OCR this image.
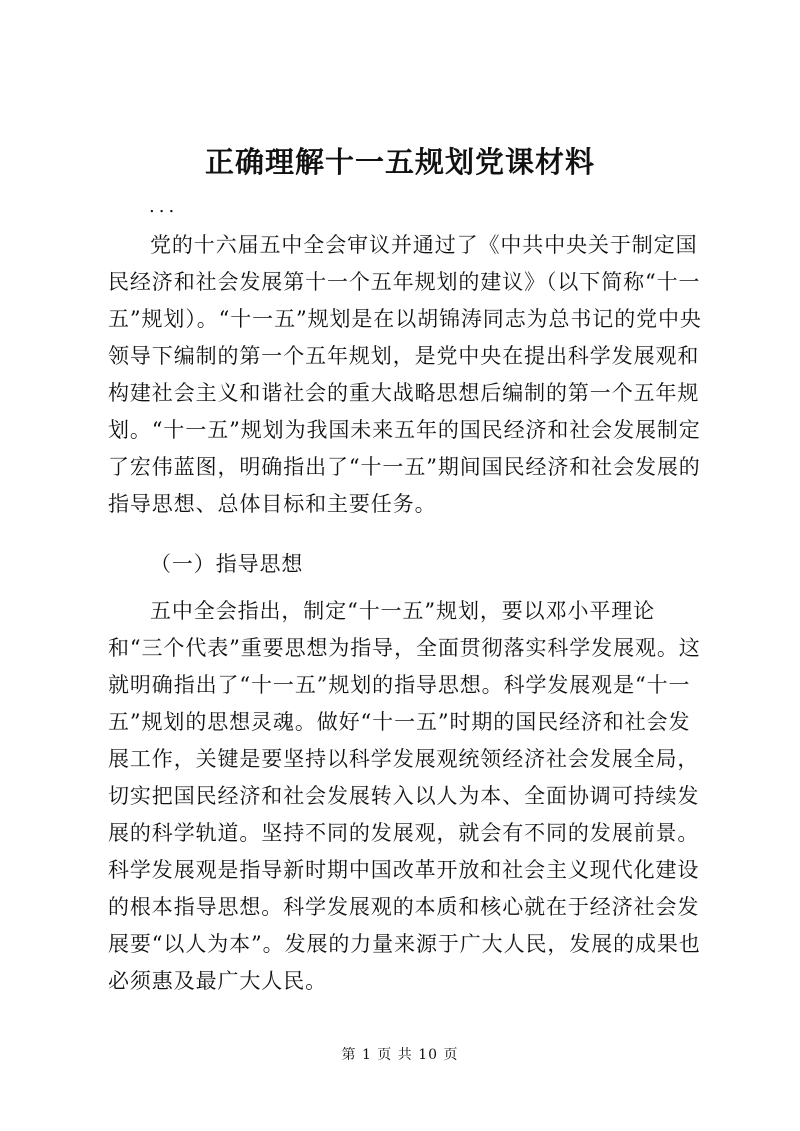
正确理解十一五规划党课材料
...

党的十六届五中全会审议并通过了《中共中央关于制定国民经济和社会发展第十一个五年规划的建议》（以下简称“十一五”规划）。“十一五”规划是在以胡锦涛同志为总书记的党中央领导下编制的第一个五年规划，是党中央在提出科学发展观和构建社会主义和谐社会的重大战略思想后编制的第一个五年规划。“十一五”规划为我国未来五年的国民经济和社会发展制定了宏伟蓝图，明确指出了“十一五”期间国民经济和社会发展的指导思想、总体目标和主要任务。

（一）指导思想

五中全会指出，制定“十一五”规划，要以邓小平理论和“三个代表”重要思想为指导，全面贯彻落实科学发展观。这就明确指出了“十一五”规划的指导思想。科学发展观是“十一五”规划的思想灵魂。做好“十一五”时期的国民经济和社会发展工作，关键是要坚持以科学发展观统领经济社会发展全局，切实把国民经济和社会发展转入以人为本、全面协调可持续发展的科学轨道。坚持不同的发展观，就会有不同的发展前景。科学发展观是指导新时期中国改革开放和社会主义现代化建设的根本指导思想。科学发展观的本质和核心就在于经济社会发展要“以人为本”。发展的力量来源于广大人民，发展的成果也必须惠及最广大人民。

第 1 页 共 10 页
